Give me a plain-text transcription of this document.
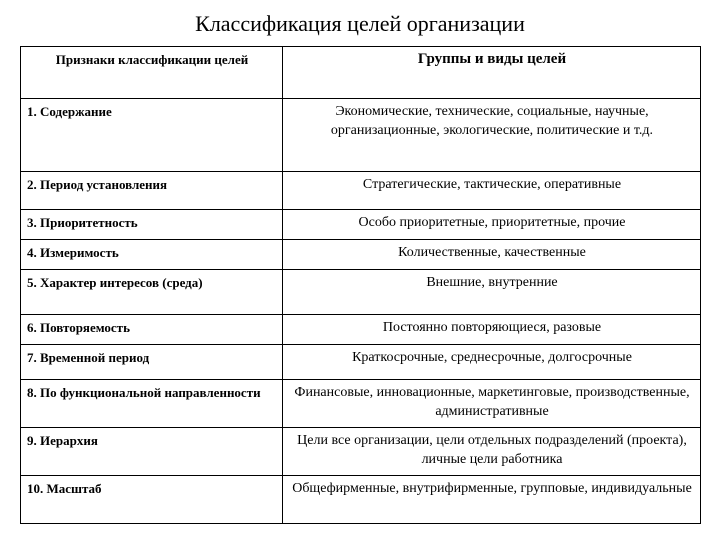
Классификация целей организации
Признаки классификации целей	Группы и виды целей
1. Содержание	Экономические, технические, социальные, научные, организационные, экологические, политические и т.д.
2. Период установления	Стратегические, тактические, оперативные
3. Приоритетность	Особо приоритетные, приоритетные, прочие
4. Измеримость	Количественные, качественные
5. Характер интересов (среда)	Внешние, внутренние
6. Повторяемость	Постоянно повторяющиеся, разовые
7. Временной период	Краткосрочные, среднесрочные, долгосрочные
8. По функциональной направленности	Финансовые, инновационные, маркетинговые, производственные, административные
9. Иерархия	Цели все организации, цели отдельных подразделений (проекта), личные цели работника
10. Масштаб	Общефирменные, внутрифирменные, групповые, индивидуальные
